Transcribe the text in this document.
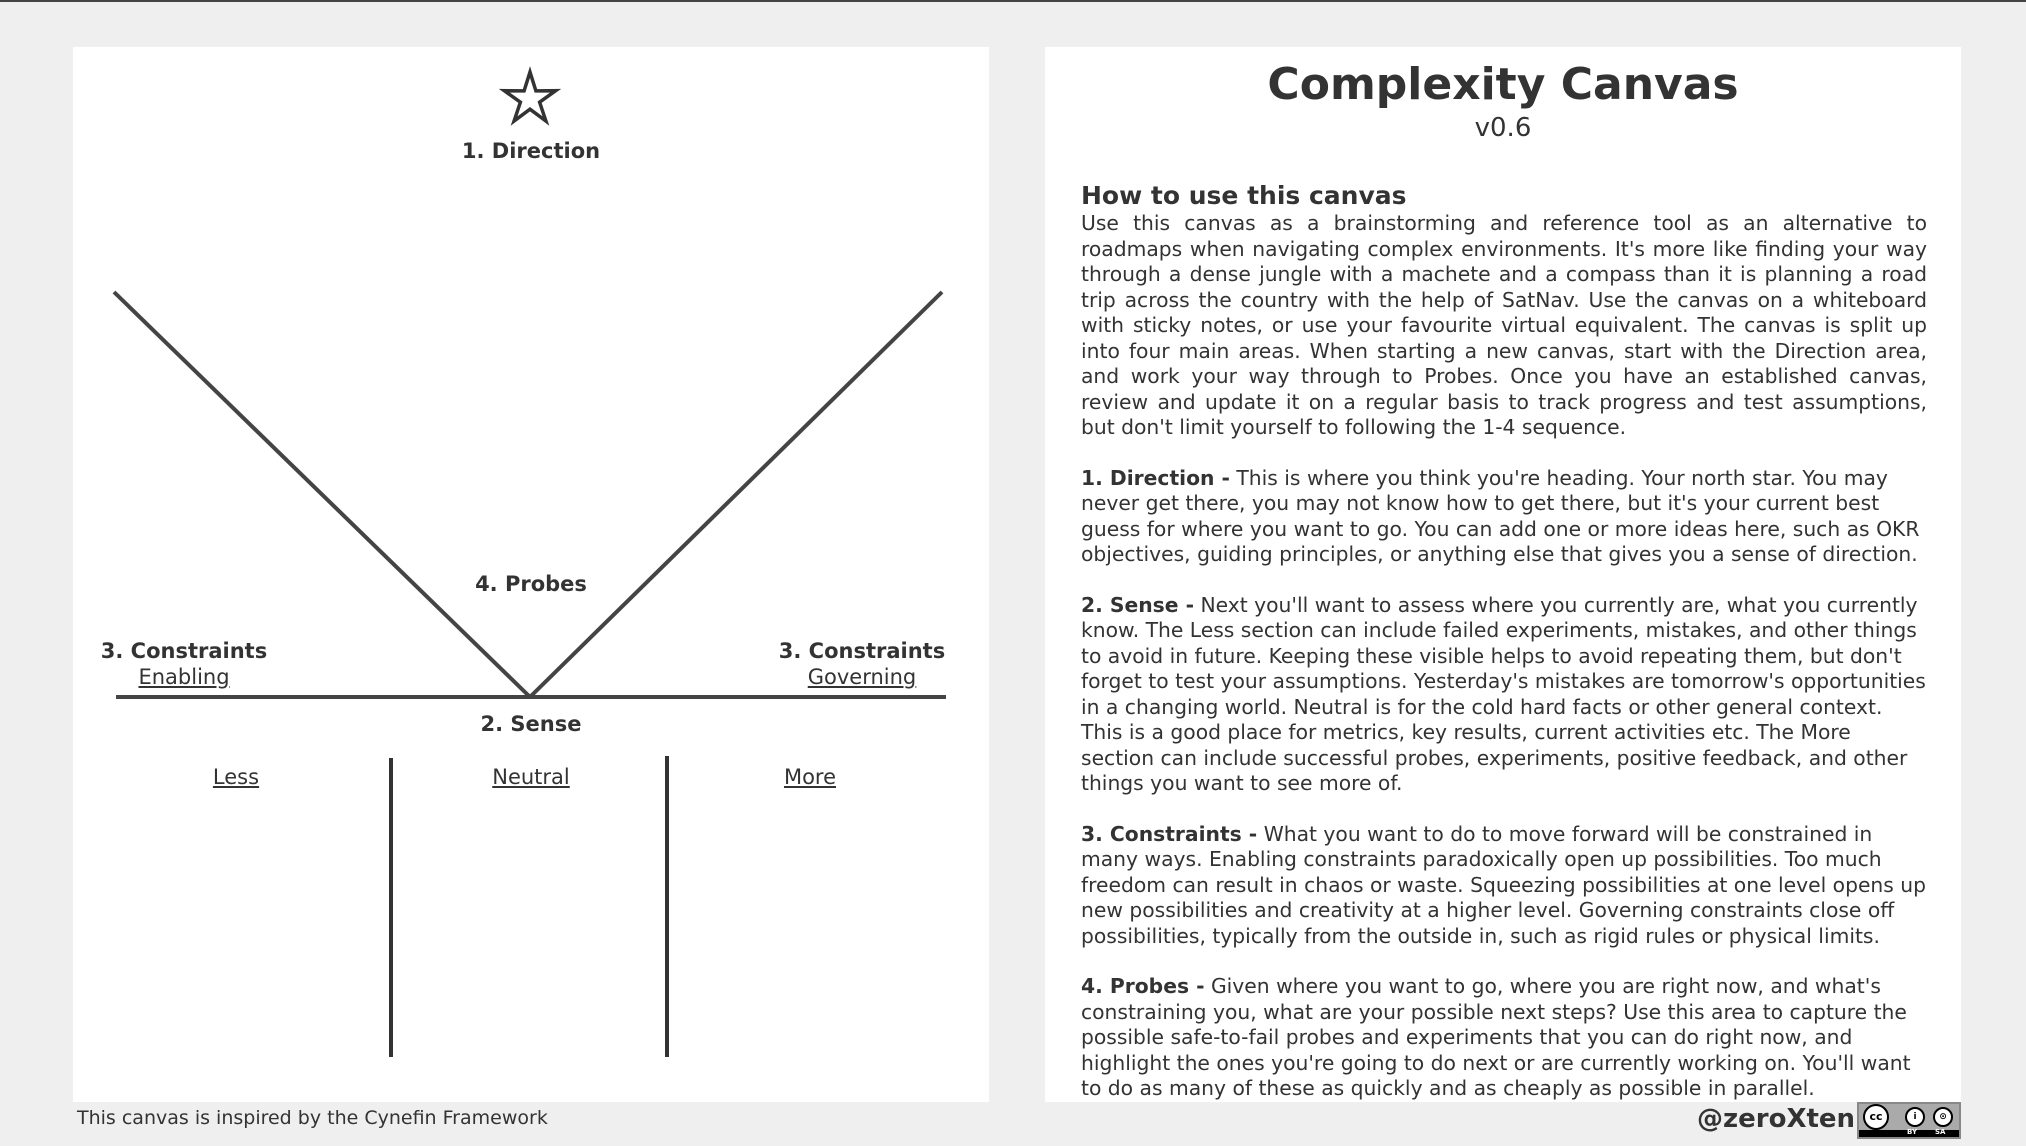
1. Direction
4. Probes
3. Constraints
Enabling
3. Constraints
Governing
2. Sense
Less	Neutral	More
Complexity Canvas
v0.6
How to use this canvas

Use this canvas as a brainstorming and reference tool as an alternative to roadmaps when navigating complex environments. It's more like finding your way through a dense jungle with a machete and a compass than it is planning a road trip across the country with the help of SatNav. Use the canvas on a whiteboard with sticky notes, or use your favourite virtual equivalent. The canvas is split up into four main areas. When starting a new canvas, start with the Direction area, and work your way through to Probes. Once you have an established canvas, review and update it on a regular basis to track progress and test assumptions, but don't limit yourself to following the 1-4 sequence.

1. Direction - This is where you think you're heading. Your north star. You may never get there, you may not know how to get there, but it's your current best guess for where you want to go. You can add one or more ideas here, such as OKR objectives, guiding principles, or anything else that gives you a sense of direction.

2. Sense - Next you'll want to assess where you currently are, what you currently know. The Less section can include failed experiments, mistakes, and other things to avoid in future. Keeping these visible helps to avoid repeating them, but don't forget to test your assumptions. Yesterday's mistakes are tomorrow's opportunities in a changing world. Neutral is for the cold hard facts or other general context. This is a good place for metrics, key results, current activities etc. The More section can include successful probes, experiments, positive feedback, and other things you want to see more of.

3. Constraints - What you want to do to move forward will be constrained in many ways. Enabling constraints paradoxically open up possibilities. Too much freedom can result in chaos or waste. Squeezing possibilities at one level opens up new possibilities and creativity at a higher level. Governing constraints close off possibilities, typically from the outside in, such as rigid rules or physical limits.

4. Probes - Given where you want to go, where you are right now, and what's constraining you, what are your possible next steps? Use this area to capture the possible safe-to-fail probes and experiments that you can do right now, and highlight the ones you're going to do next or are currently working on. You'll want to do as many of these as quickly and as cheaply as possible in parallel.

This canvas is inspired by the Cynefin Framework	@zeroXten	cc	i	⊙
BY	SA
